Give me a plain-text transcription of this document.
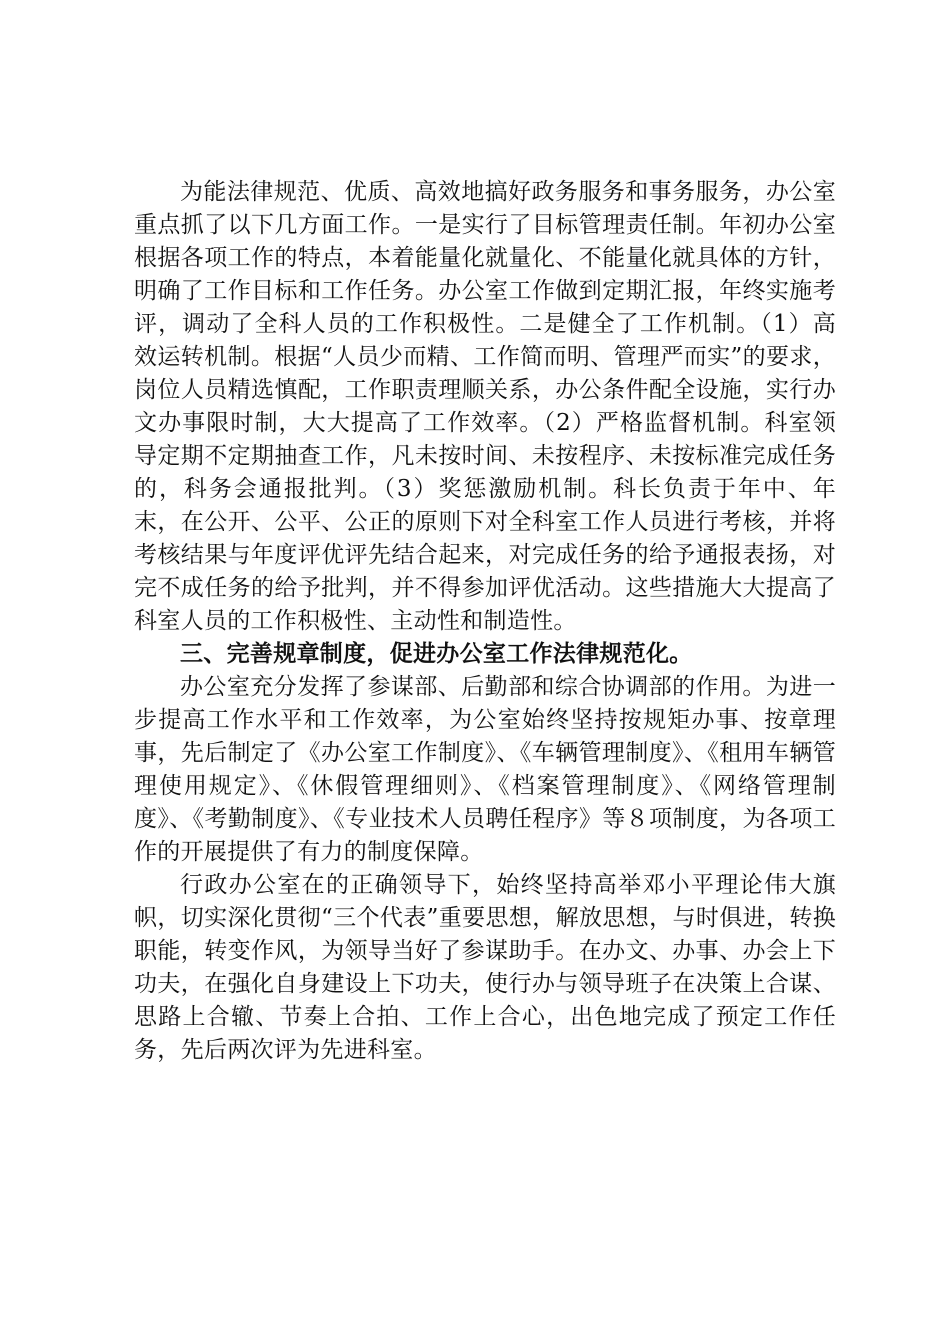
为能法律规范、优质、高效地搞好政务服务和事务服务，办公室重点抓了以下几方面工作。一是实行了目标管理责任制。年初办公室根据各项工作的特点，本着能量化就量化、不能量化就具体的方针，明确了工作目标和工作任务。办公室工作做到定期汇报，年终实施考评，调动了全科人员的工作积极性。二是健全了工作机制。（1）高效运转机制。根据“人员少而精、工作简而明、管理严而实”的要求，岗位人员精选慎配，工作职责理顺关系，办公条件配全设施，实行办文办事限时制，大大提高了工作效率。（2）严格监督机制。科室领导定期不定期抽查工作，凡未按时间、未按程序、未按标准完成任务的，科务会通报批判。（3）奖惩激励机制。科长负责于年中、年末，在公开、公平、公正的原则下对全科室工作人员进行考核，并将考核结果与年度评优评先结合起来，对完成任务的给予通报表扬，对完不成任务的给予批判，并不得参加评优活动。这些措施大大提高了科室人员的工作积极性、主动性和制造性。

三、完善规章制度，促进办公室工作法律规范化。

办公室充分发挥了参谋部、后勤部和综合协调部的作用。为进一步提高工作水平和工作效率，为公室始终坚持按规矩办事、按章理事，先后制定了《办公室工作制度》、《车辆管理制度》、《租用车辆管理使用规定》、《休假管理细则》、《档案管理制度》、《网络管理制度》、《考勤制度》、《专业技术人员聘任程序》等８项制度，为各项工作的开展提供了有力的制度保障。

行政办公室在的正确领导下，始终坚持高举邓小平理论伟大旗帜，切实深化贯彻“三个代表”重要思想，解放思想，与时俱进，转换职能，转变作风，为领导当好了参谋助手。在办文、办事、办会上下功夫，在强化自身建设上下功夫，使行办与领导班子在决策上合谋、思路上合辙、节奏上合拍、工作上合心，出色地完成了预定工作任务，先后两次评为先进科室。
